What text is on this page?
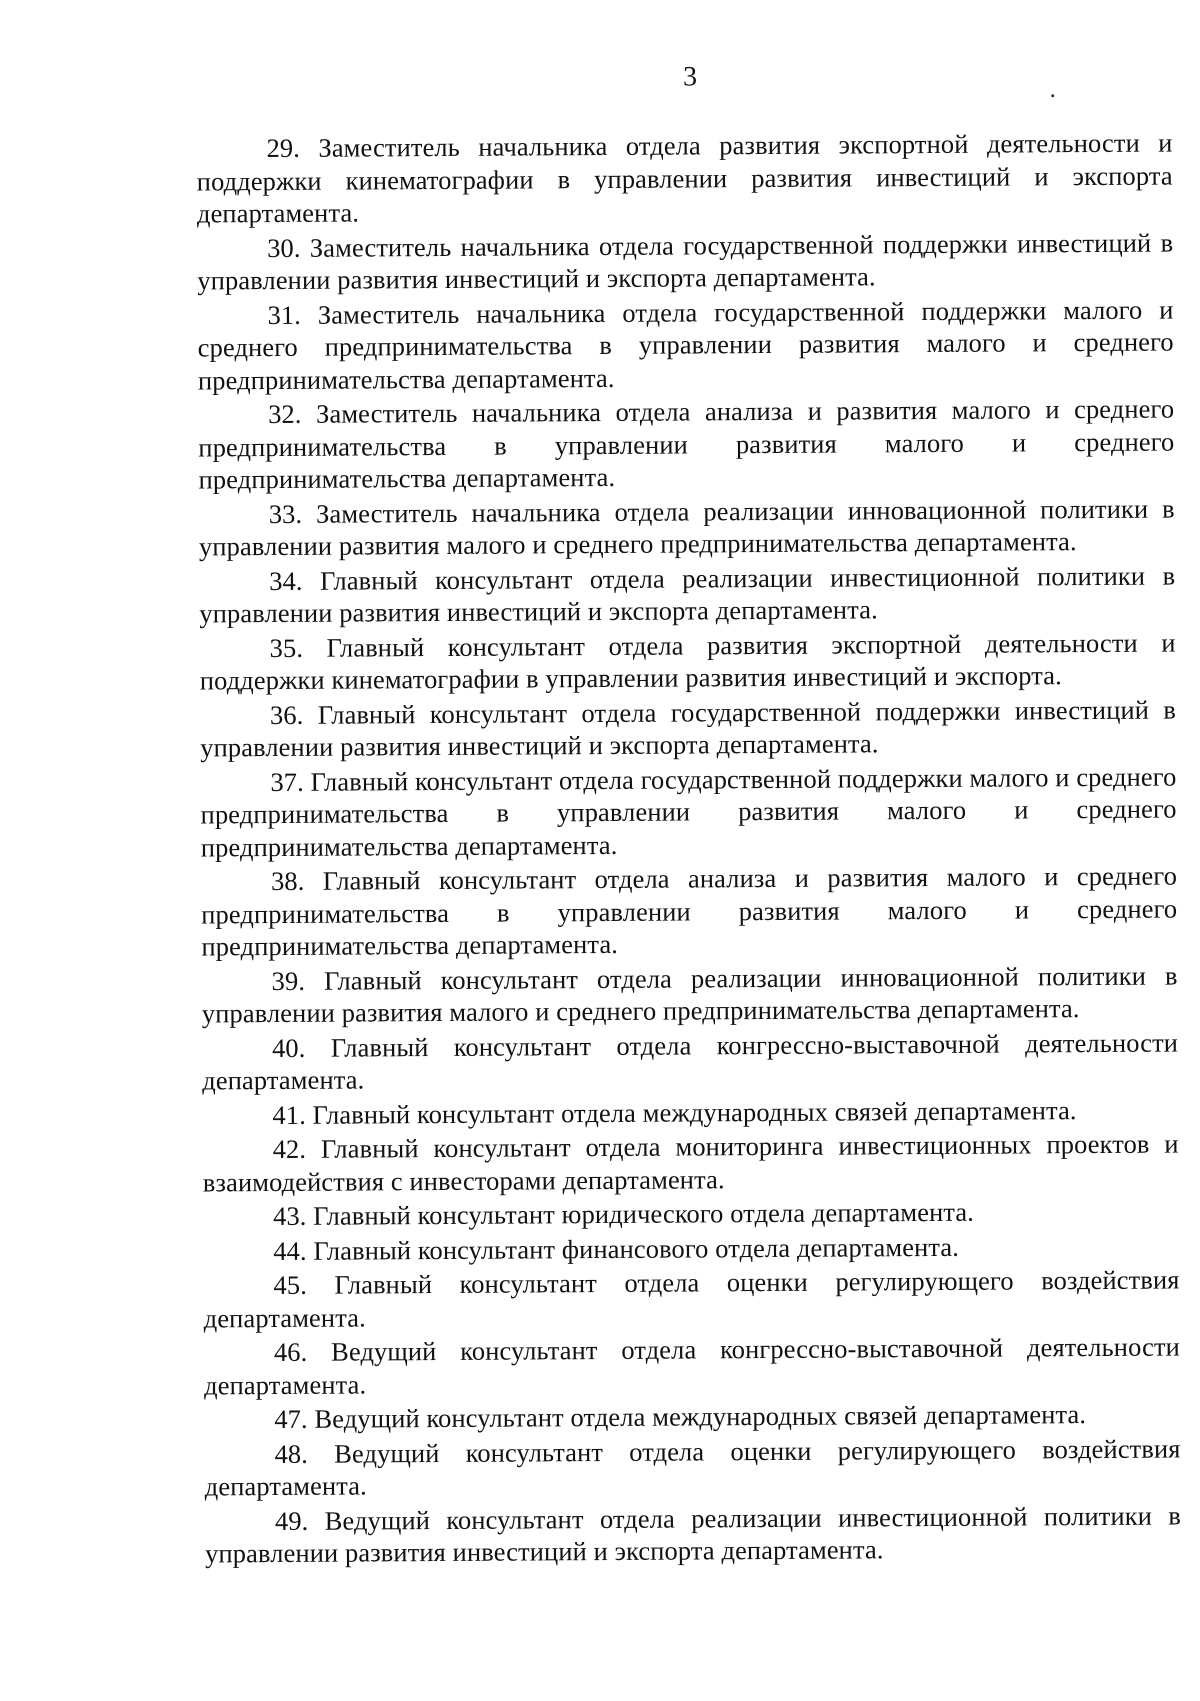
3

29. Заместитель начальника отдела развития экспортной деятельности и поддержки кинематографии в управлении развития инвестиций и экспорта департамента.

30. Заместитель начальника отдела государственной поддержки инвестиций в управлении развития инвестиций и экспорта департамента.

31. Заместитель начальника отдела государственной поддержки малого и среднего предпринимательства в управлении развития малого и среднего предпринимательства департамента.

32. Заместитель начальника отдела анализа и развития малого и среднего предпринимательства в управлении развития малого и среднего предпринимательства департамента.

33. Заместитель начальника отдела реализации инновационной политики в управлении развития малого и среднего предпринимательства департамента.

34. Главный консультант отдела реализации инвестиционной политики в управлении развития инвестиций и экспорта департамента.

35. Главный консультант отдела развития экспортной деятельности и поддержки кинематографии в управлении развития инвестиций и экспорта.

36. Главный консультант отдела государственной поддержки инвестиций в управлении развития инвестиций и экспорта департамента.

37. Главный консультант отдела государственной поддержки малого и среднего предпринимательства в управлении развития малого и среднего предпринимательства департамента.

38. Главный консультант отдела анализа и развития малого и среднего предпринимательства в управлении развития малого и среднего предпринимательства департамента.

39. Главный консультант отдела реализации инновационной политики в управлении развития малого и среднего предпринимательства департамента.

40. Главный консультант отдела конгрессно-выставочной деятельности департамента.

41. Главный консультант отдела международных связей департамента.

42. Главный консультант отдела мониторинга инвестиционных проектов и взаимодействия с инвесторами департамента.

43. Главный консультант юридического отдела департамента.

44. Главный консультант финансового отдела департамента.

45. Главный консультант отдела оценки регулирующего воздействия департамента.

46. Ведущий консультант отдела конгрессно-выставочной деятельности департамента.

47. Ведущий консультант отдела международных связей департамента.

48. Ведущий консультант отдела оценки регулирующего воздействия департамента.

49. Ведущий консультант отдела реализации инвестиционной политики в управлении развития инвестиций и экспорта департамента.
